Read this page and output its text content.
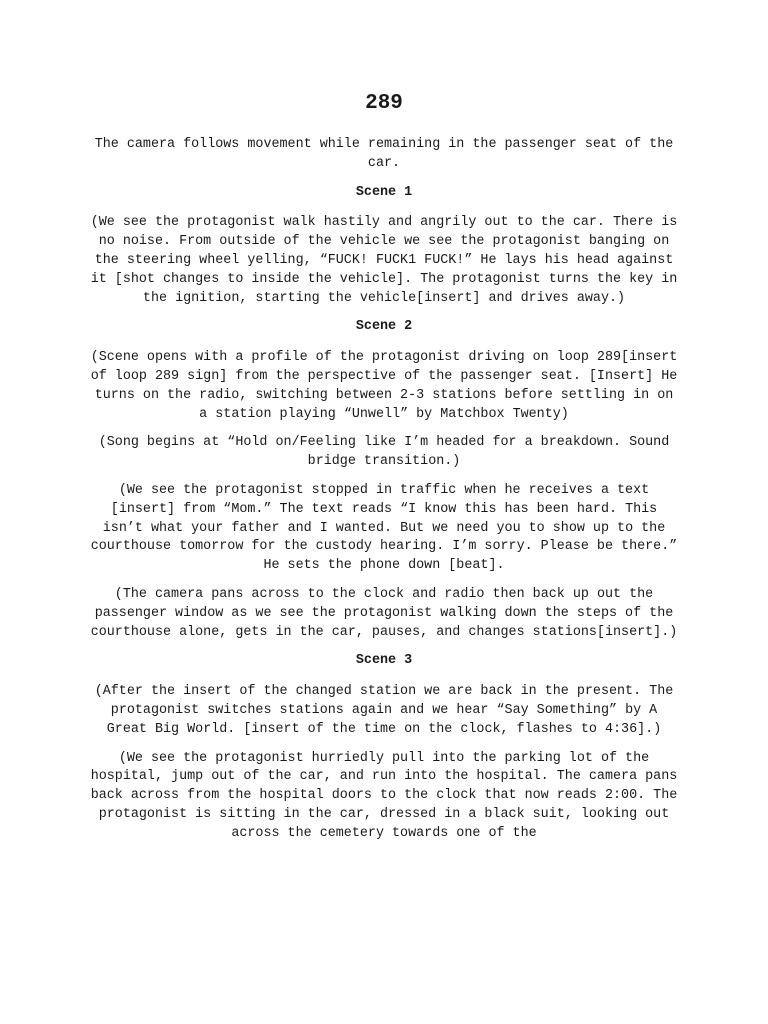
289

The camera follows movement while remaining in the passenger seat of the car.

Scene 1

(We see the protagonist walk hastily and angrily out to the car. There is no noise. From outside of the vehicle we see the protagonist banging on the steering wheel yelling, “FUCK! FUCK1 FUCK!” He lays his head against it [shot changes to inside the vehicle]. The protagonist turns the key in the ignition, starting the vehicle[insert] and drives away.)

Scene 2

(Scene opens with a profile of the protagonist driving on loop 289[insert of loop 289 sign] from the perspective of the passenger seat. [Insert] He turns on the radio, switching between 2-3 stations before settling in on a station playing “Unwell” by Matchbox Twenty)

(Song begins at “Hold on/Feeling like I’m headed for a breakdown. Sound bridge transition.)

(We see the protagonist stopped in traffic when he receives a text [insert] from “Mom.” The text reads “I know this has been hard. This isn’t what your father and I wanted. But we need you to show up to the courthouse tomorrow for the custody hearing. I’m sorry. Please be there.” He sets the phone down [beat].

(The camera pans across to the clock and radio then back up out the passenger window as we see the protagonist walking down the steps of the courthouse alone, gets in the car, pauses, and changes stations[insert].)

Scene 3

(After the insert of the changed station we are back in the present. The protagonist switches stations again and we hear “Say Something” by A Great Big World. [insert of the time on the clock, flashes to 4:36].)

(We see the protagonist hurriedly pull into the parking lot of the hospital, jump out of the car, and run into the hospital. The camera pans back across from the hospital doors to the clock that now reads 2:00. The protagonist is sitting in the car, dressed in a black suit, looking out across the cemetery towards one of the
